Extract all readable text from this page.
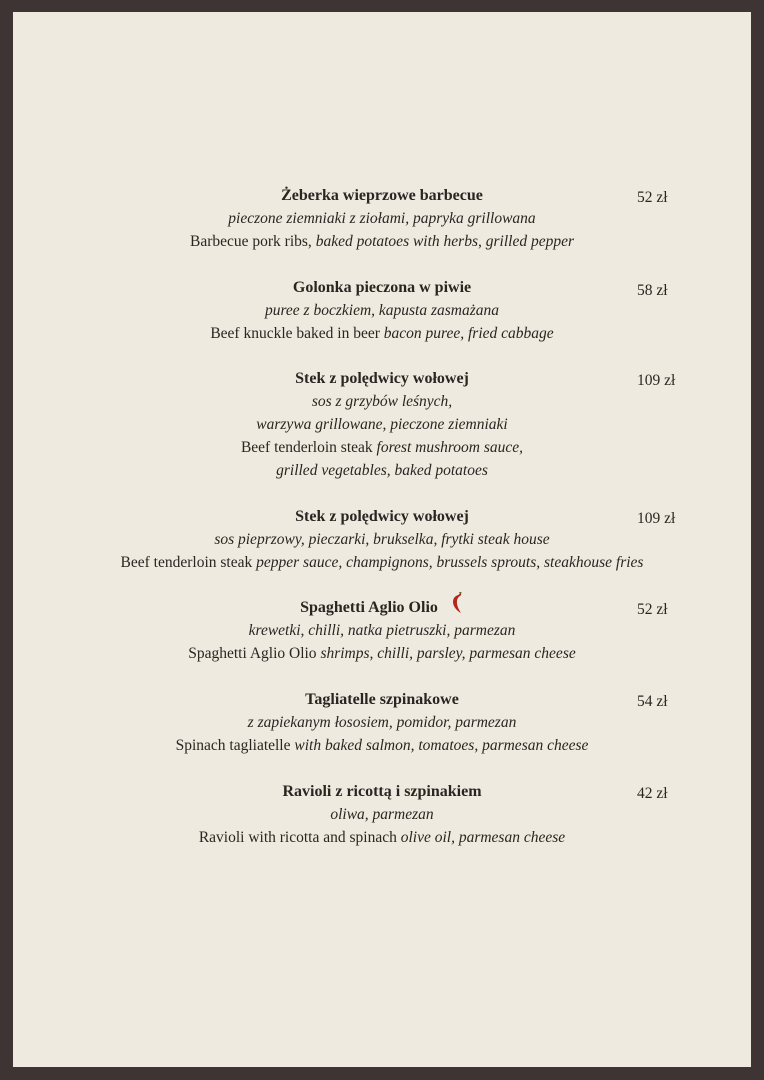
Żeberka wieprzowe barbecue	52 zł
pieczone ziemniaki z ziołami, papryka grillowana
Barbecue pork ribs, baked potatoes with herbs, grilled pepper
Golonka pieczona w piwie	58 zł
puree z boczkiem, kapusta zasmażana
Beef knuckle baked in beer bacon puree, fried cabbage
Stek z polędwicy wołowej	109 zł
sos z grzybów leśnych,
warzywa grillowane, pieczone ziemniaki
Beef tenderloin steak forest mushroom sauce,
grilled vegetables, baked potatoes
Stek z polędwicy wołowej	109 zł
sos pieprzowy, pieczarki, brukselka, frytki steak house
Beef tenderloin steak pepper sauce, champignons, brussels sprouts, steakhouse fries
Spaghetti Aglio Olio	52 zł
krewetki, chilli, natka pietruszki, parmezan
Spaghetti Aglio Olio shrimps, chilli, parsley, parmesan cheese
Tagliatelle szpinakowe	54 zł
z zapiekanym łososiem, pomidor, parmezan
Spinach tagliatelle with baked salmon, tomatoes, parmesan cheese
Ravioli z ricottą i szpinakiem	42 zł
oliwa, parmezan
Ravioli with ricotta and spinach olive oil, parmesan cheese
